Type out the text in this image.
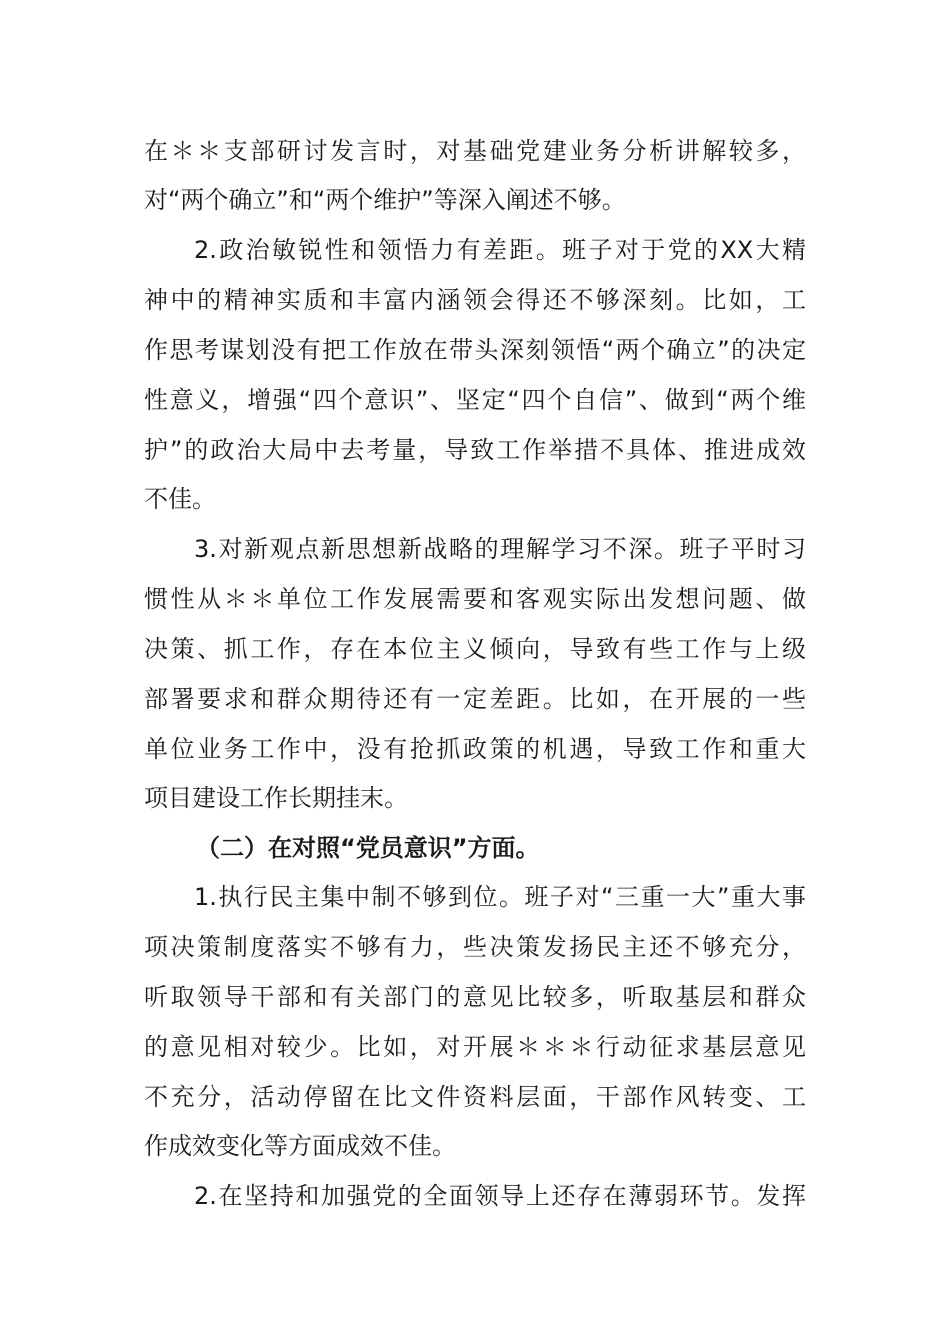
在＊＊支部研讨发言时，对基础党建业务分析讲解较多，
对“两个确立”和“两个维护”等深入阐述不够。
2.政治敏锐性和领悟力有差距。班子对于党的XX大精
神中的精神实质和丰富内涵领会得还不够深刻。比如，工
作思考谋划没有把工作放在带头深刻领悟“两个确立”的决定
性意义，增强“四个意识”、坚定“四个自信”、做到“两个维
护”的政治大局中去考量，导致工作举措不具体、推进成效
不佳。
3.对新观点新思想新战略的理解学习不深。班子平时习
惯性从＊＊单位工作发展需要和客观实际出发想问题、做
决策、抓工作，存在本位主义倾向，导致有些工作与上级
部署要求和群众期待还有一定差距。比如，在开展的一些
单位业务工作中，没有抢抓政策的机遇，导致工作和重大
项目建设工作长期挂末。
（二）在对照“党员意识”方面。
1.执行民主集中制不够到位。班子对“三重一大”重大事
项决策制度落实不够有力，些决策发扬民主还不够充分，
听取领导干部和有关部门的意见比较多，听取基层和群众
的意见相对较少。比如，对开展＊＊＊行动征求基层意见
不充分，活动停留在比文件资料层面，干部作风转变、工
作成效变化等方面成效不佳。
2.在坚持和加强党的全面领导上还存在薄弱环节。发挥
